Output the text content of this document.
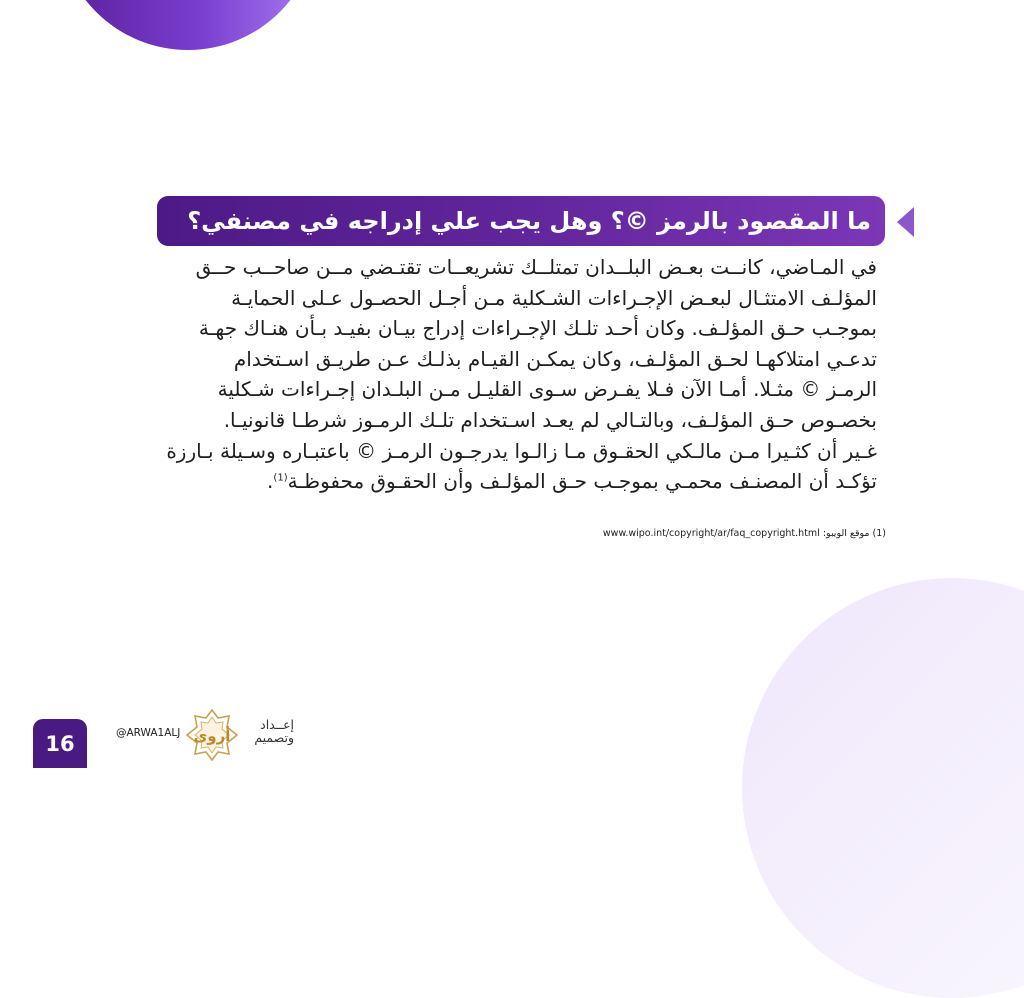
ما المقصود بالرمز ©؟ وهل يجب علي إدراجه في مصنفي؟
في المـاضي، كانــت بعـض البلــدان تمتلــك تشريعــات تقتـضي مــن صاحــب حــق
المؤلـف الامتثـال لبعـض الإجـراءات الشـكلية مـن أجـل الحصـول عـلى الحمايـة
بموجـب حـق المؤلـف. وكان أحـد تلـك الإجـراءات إدراج بيـان بفيـد بـأن هنـاك جهـة
تدعـي امتلاكهـا لحـق المؤلـف، وكان يمكـن القيـام بذلـك عـن طريـق اسـتخدام
الرمـز © مثـلا. أمـا الآن فـلا يفـرض سـوى القليـل مـن البلـدان إجـراءات شـكلية
بخصـوص حـق المؤلـف، وبالتـالي لم يعـد اسـتخدام تلـك الرمـوز شرطـا قانونيـا.
غـير أن كثـيرا مـن مالـكي الحقـوق مـا زالـوا يدرجـون الرمـز © باعتبـاره وسـيلة بـارزة
تؤكـد أن المصنـف محمـي بموجـب حـق المؤلـف وأن الحقـوق محفوظـة$^{(1)}$.
(1) موقع الويبو: www.wipo.int/copyright/ar/faq_copyright.html
16	@ARWA1ALJ أروى
إعــداد
وتصميم
